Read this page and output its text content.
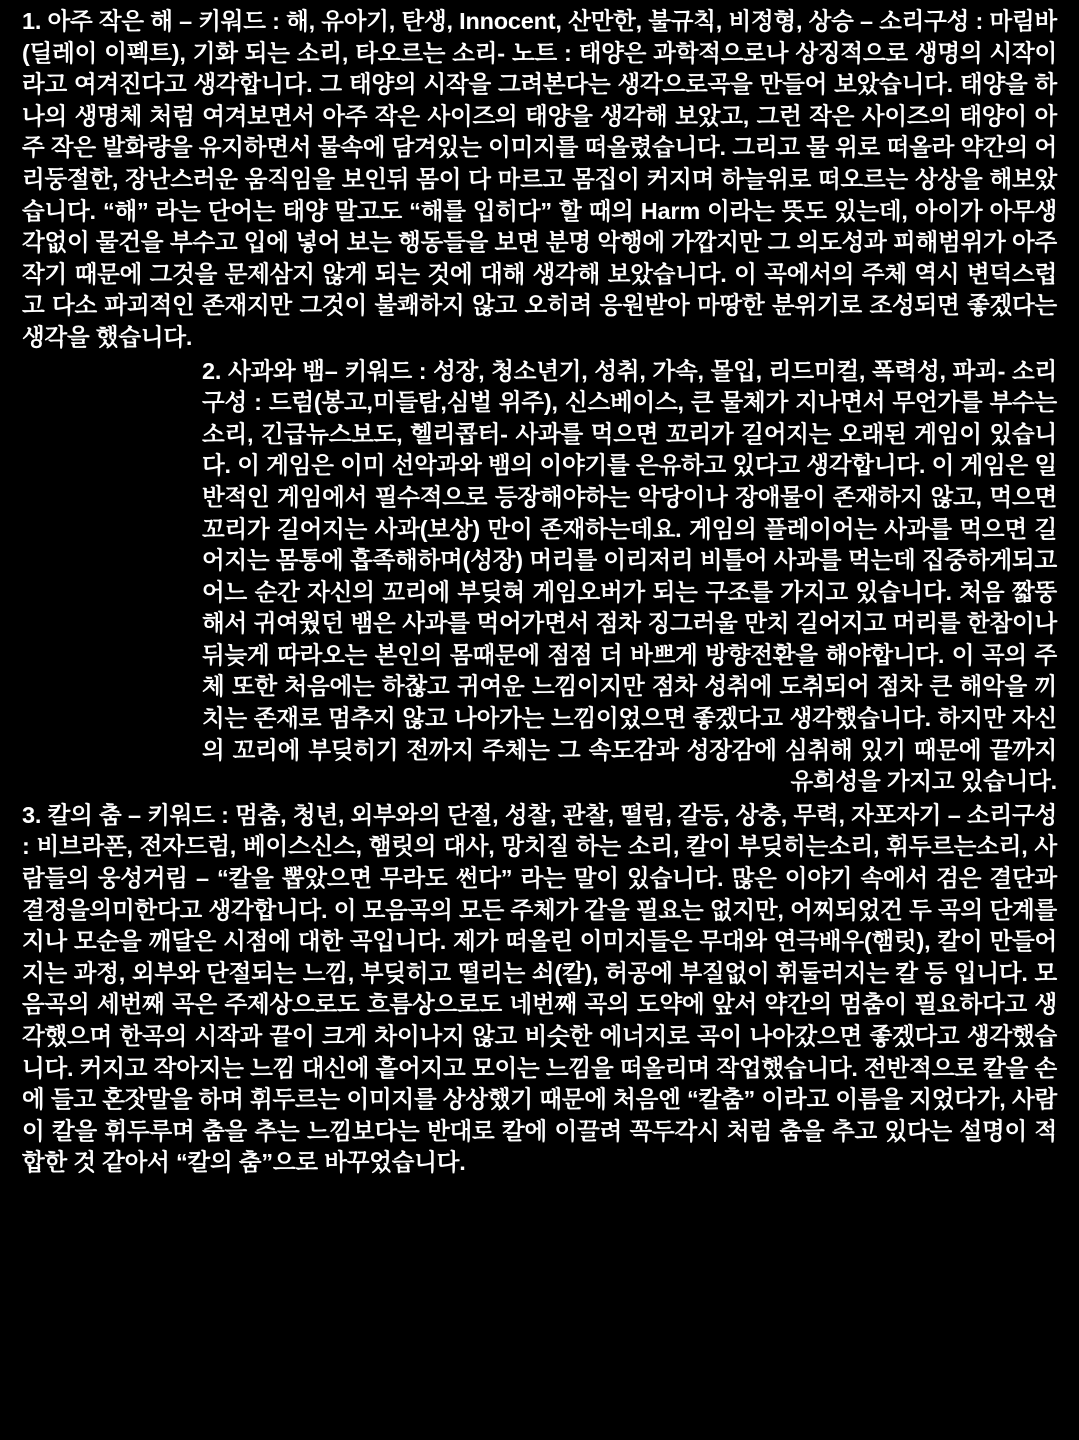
1. 아주 작은 해 – 키워드 : 해, 유아기, 탄생, Innocent, 산만한, 불규칙, 비정형, 상승 – 소리구성 : 마림바(딜레이 이펙트), 기화 되는 소리, 타오르는 소리- 노트 : 태양은 과학적으로나 상징적으로 생명의 시작이라고 여겨진다고 생각합니다. 그 태양의 시작을 그려본다는 생각으로곡을 만들어 보았습니다. 태양을 하나의 생명체 처럼 여겨보면서 아주 작은 사이즈의 태양을 생각해 보았고, 그런 작은 사이즈의 태양이 아주 작은 발화량을 유지하면서 물속에 담겨있는 이미지를 떠올렸습니다. 그리고 물 위로 떠올라 약간의 어리둥절한, 장난스러운 움직임을 보인뒤 몸이 다 마르고 몸집이 커지며 하늘위로 떠오르는 상상을 해보았습니다. “해” 라는 단어는 태양 말고도 “해를 입히다” 할 때의 Harm 이라는 뜻도 있는데, 아이가 아무생각없이 물건을 부수고 입에 넣어 보는 행동들을 보면 분명 악행에 가깝지만 그 의도성과 피해범위가 아주 작기 때문에 그것을 문제삼지 않게 되는 것에 대해 생각해 보았습니다. 이 곡에서의 주체 역시 변덕스럽고 다소 파괴적인 존재지만 그것이 불쾌하지 않고 오히려 응원받아 마땅한 분위기로 조성되면 좋겠다는 생각을 했습니다.

2. 사과와 뱀– 키워드 : 성장, 청소년기, 성취, 가속, 몰입, 리드미컬, 폭력성, 파괴- 소리구성 : 드럼(봉고,미들탐,심벌 위주), 신스베이스, 큰 물체가 지나면서 무언가를 부수는 소리, 긴급뉴스보도, 헬리콥터- 사과를 먹으면 꼬리가 길어지는 오래된 게임이 있습니다. 이 게임은 이미 선악과와 뱀의 이야기를 은유하고 있다고 생각합니다. 이 게임은 일반적인 게임에서 필수적으로 등장해야하는 악당이나 장애물이 존재하지 않고, 먹으면 꼬리가 길어지는 사과(보상) 만이 존재하는데요. 게임의 플레이어는 사과를 먹으면 길어지는 몸통에 흡족해하며(성장) 머리를 이리저리 비틀어 사과를 먹는데 집중하게되고 어느 순간 자신의 꼬리에 부딪혀 게임오버가 되는 구조를 가지고 있습니다. 처음 짧뚱해서 귀여웠던 뱀은 사과를 먹어가면서 점차 징그러울 만치 길어지고 머리를 한참이나 뒤늦게 따라오는 본인의 몸때문에 점점 더 바쁘게 방향전환을 해야합니다. 이 곡의 주체 또한 처음에는 하찮고 귀여운 느낌이지만 점차 성취에 도취되어 점차 큰 해악을 끼치는 존재로 멈추지 않고 나아가는 느낌이었으면 좋겠다고 생각했습니다. 하지만 자신의 꼬리에 부딪히기 전까지 주체는 그 속도감과 성장감에 심취해 있기 때문에 끝까지 유희성을 가지고 있습니다.

3. 칼의 춤 – 키워드 : 멈춤, 청년, 외부와의 단절, 성찰, 관찰, 떨림, 갈등, 상충, 무력, 자포자기 – 소리구성 : 비브라폰, 전자드럼, 베이스신스, 햄릿의 대사, 망치질 하는 소리, 칼이 부딪히는소리, 휘두르는소리, 사람들의 웅성거림 – “칼을 뽑았으면 무라도 썬다” 라는 말이 있습니다. 많은 이야기 속에서 검은 결단과 결정을의미한다고 생각합니다. 이 모음곡의 모든 주체가 같을 필요는 없지만, 어찌되었건 두 곡의 단계를 지나 모순을 깨달은 시점에 대한 곡입니다. 제가 떠올린 이미지들은 무대와 연극배우(햄릿), 칼이 만들어지는 과정, 외부와 단절되는 느낌, 부딪히고 떨리는 쇠(칼), 허공에 부질없이 휘둘러지는 칼 등 입니다. 모음곡의 세번째 곡은 주제상으로도 흐름상으로도 네번째 곡의 도약에 앞서 약간의 멈춤이 필요하다고 생각했으며 한곡의 시작과 끝이 크게 차이나지 않고 비슷한 에너지로 곡이 나아갔으면 좋겠다고 생각했습니다. 커지고 작아지는 느낌 대신에 흩어지고 모이는 느낌을 떠올리며 작업했습니다. 전반적으로 칼을 손에 들고 혼잣말을 하며 휘두르는 이미지를 상상했기 때문에 처음엔 “칼춤” 이라고 이름을 지었다가, 사람이 칼을 휘두루며 춤을 추는 느낌보다는 반대로 칼에 이끌려 꼭두각시 처럼 춤을 추고 있다는 설명이 적합한 것 같아서 “칼의 춤”으로 바꾸었습니다.
